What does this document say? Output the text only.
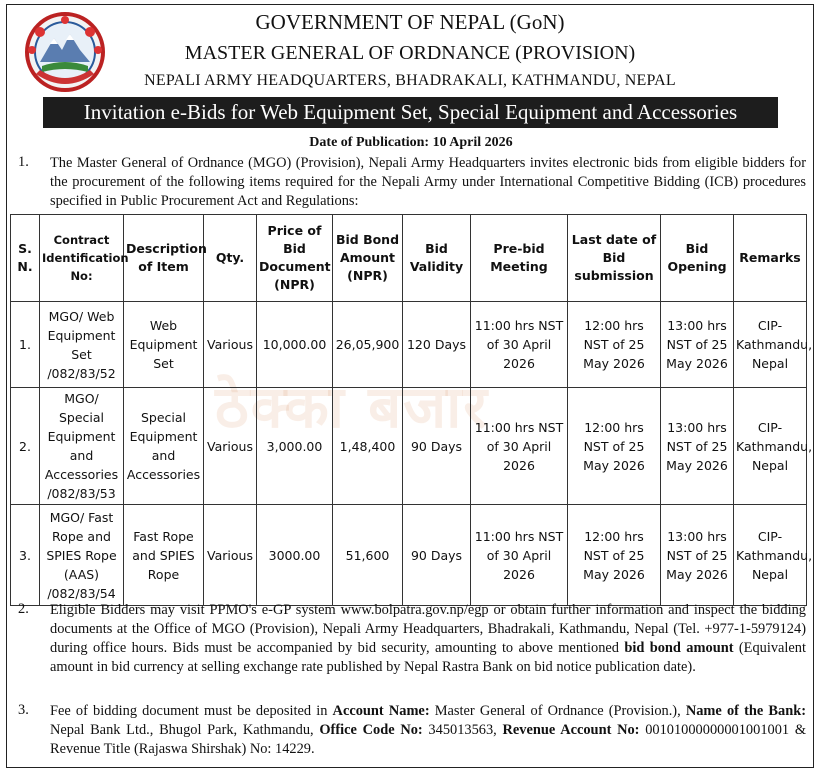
GOVERNMENT OF NEPAL (GoN)
MASTER GENERAL OF ORDNANCE (PROVISION)
NEPALI ARMY HEADQUARTERS, BHADRAKALI, KATHMANDU, NEPAL
Invitation e-Bids for Web Equipment Set, Special Equipment and Accessories
Date of Publication: 10 April 2026
1. The Master General of Ordnance (MGO) (Provision), Nepali Army Headquarters invites electronic bids from eligible bidders for the procurement of the following items required for the Nepali Army under International Competitive Bidding (ICB) procedures specified in Public Procurement Act and Regulations:
ठेक्का बजार
S. N.	Contract Identification No:	Description of Item	Qty.	Price of Bid Document (NPR)	Bid Bond Amount (NPR)	Bid Validity	Pre-bid Meeting	Last date of Bid submission	Bid Opening	Remarks
1.	MGO/ Web Equipment Set /082/83/52	Web Equipment Set	Various	10,000.00	26,05,900	120 Days	11:00 hrs NST of 30 April 2026	12:00 hrs NST of 25 May 2026	13:00 hrs NST of 25 May 2026	CIP-Kathmandu, Nepal
2.	MGO/ Special Equipment and Accessories /082/83/53	Special Equipment and Accessories	Various	3,000.00	1,48,400	90 Days	11:00 hrs NST of 30 April 2026	12:00 hrs NST of 25 May 2026	13:00 hrs NST of 25 May 2026	CIP-Kathmandu, Nepal
3.	MGO/ Fast Rope and SPIES Rope (AAS) /082/83/54	Fast Rope and SPIES Rope	Various	3000.00	51,600	90 Days	11:00 hrs NST of 30 April 2026	12:00 hrs NST of 25 May 2026	13:00 hrs NST of 25 May 2026	CIP-Kathmandu, Nepal
2. Eligible Bidders may visit PPMO's e-GP system www.bolpatra.gov.np/egp or obtain further information and inspect the bidding documents at the Office of MGO (Provision), Nepali Army Headquarters, Bhadrakali, Kathmandu, Nepal (Tel. +977-1-5979124) during office hours. Bids must be accompanied by bid security, amounting to above mentioned bid bond amount (Equivalent amount in bid currency at selling exchange rate published by Nepal Rastra Bank on bid notice publication date).
3. Fee of bidding document must be deposited in Account Name: Master General of Ordnance (Provision.), Name of the Bank: Nepal Bank Ltd., Bhugol Park, Kathmandu, Office Code No: 345013563, Revenue Account No: 00101000000001001001 & Revenue Title (Rajaswa Shirshak) No: 14229.
